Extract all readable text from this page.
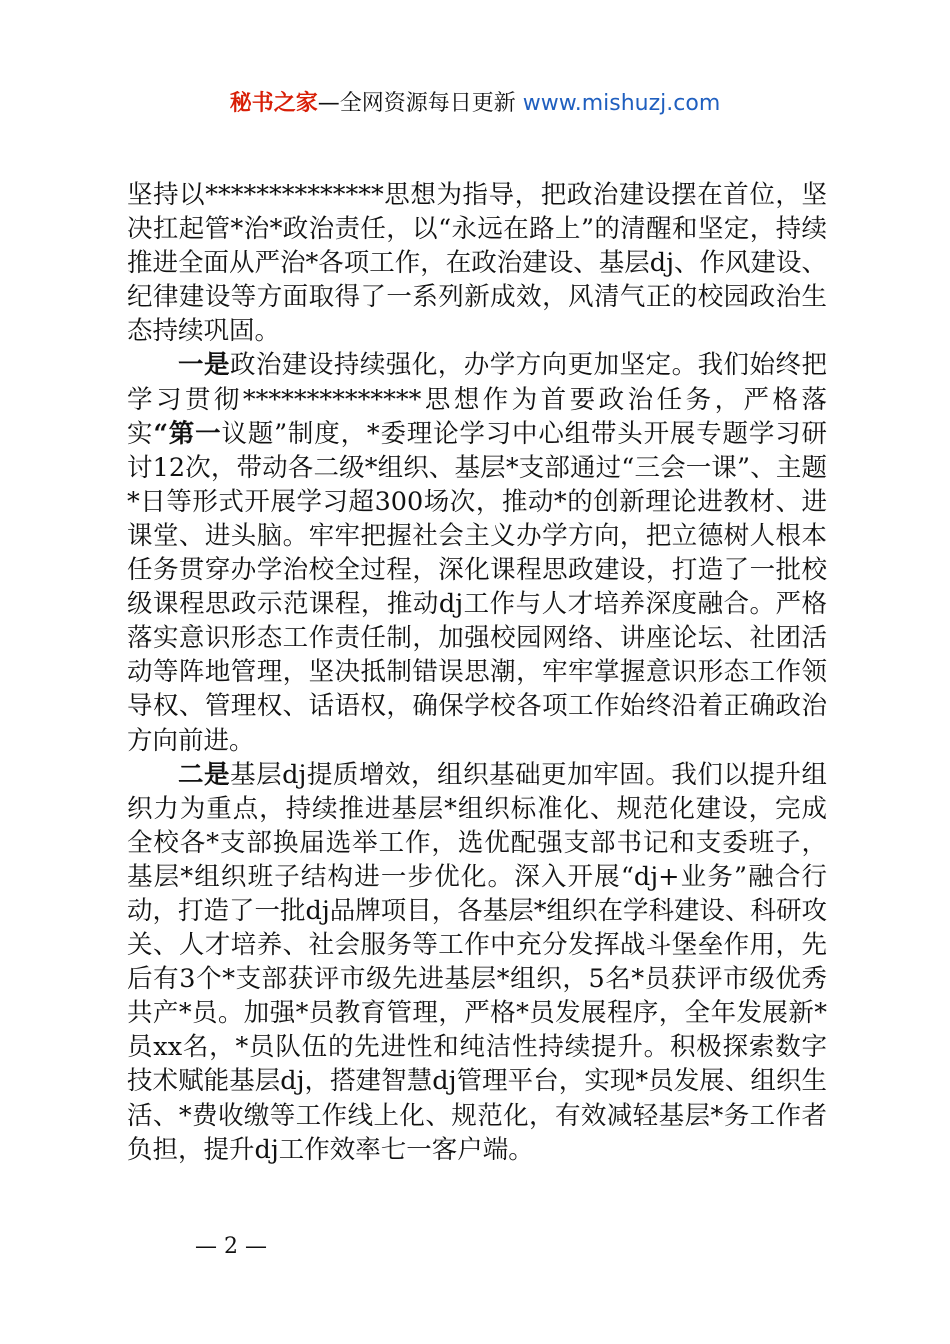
秘书之家—全网资源每日更新 www.mishuzj.com

坚持以**************思想为指导，把政治建设摆在首位，坚决扛起管*治*政治责任，以“永远在路上”的清醒和坚定，持续推进全面从严治*各项工作，在政治建设、基层dj、作风建设、纪律建设等方面取得了一系列新成效，风清气正的校园政治生态持续巩固。

一是政治建设持续强化，办学方向更加坚定。我们始终把学习贯彻**************思想作为首要政治任务，严格落实“第一议题”制度，*委理论学习中心组带头开展专题学习研讨12次，带动各二级*组织、基层*支部通过“三会一课”、主题*日等形式开展学习超300场次，推动*的创新理论进教材、进课堂、进头脑。牢牢把握社会主义办学方向，把立德树人根本任务贯穿办学治校全过程，深化课程思政建设，打造了一批校级课程思政示范课程，推动dj工作与人才培养深度融合。严格落实意识形态工作责任制，加强校园网络、讲座论坛、社团活动等阵地管理，坚决抵制错误思潮，牢牢掌握意识形态工作领导权、管理权、话语权，确保学校各项工作始终沿着正确政治方向前进。

二是基层dj提质增效，组织基础更加牢固。我们以提升组织力为重点，持续推进基层*组织标准化、规范化建设，完成全校各*支部换届选举工作，选优配强支部书记和支委班子，基层*组织班子结构进一步优化。深入开展“dj+业务”融合行动，打造了一批dj品牌项目，各基层*组织在学科建设、科研攻关、人才培养、社会服务等工作中充分发挥战斗堡垒作用，先后有3个*支部获评市级先进基层*组织，5名*员获评市级优秀共产*员。加强*员教育管理，严格*员发展程序，全年发展新*员xx名，*员队伍的先进性和纯洁性持续提升。积极探索数字技术赋能基层dj，搭建智慧dj管理平台，实现*员发展、组织生活、*费收缴等工作线上化、规范化，有效减轻基层*务工作者负担，提升dj工作效率七一客户端。

— 2 —
